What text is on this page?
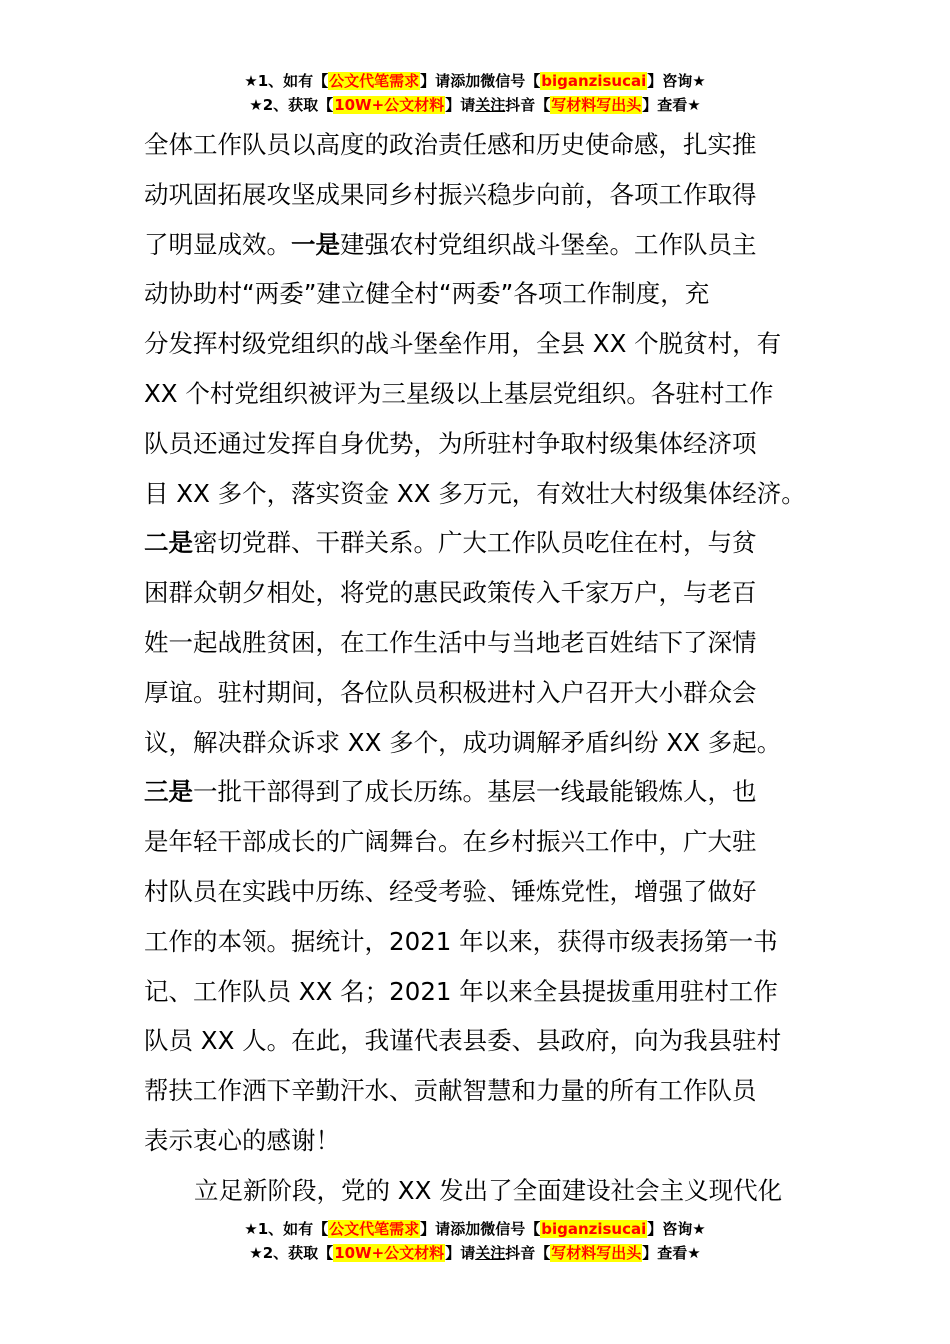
★1、如有【公文代笔需求】请添加微信号【biganzisucai】咨询★
★2、获取【10W+公文材料】请关注抖音【写材料写出头】查看★
全体工作队员以高度的政治责任感和历史使命感，扎实推
动巩固拓展攻坚成果同乡村振兴稳步向前，各项工作取得
了明显成效。一是建强农村党组织战斗堡垒。工作队员主
动协助村“两委”建立健全村“两委”各项工作制度，充
分发挥村级党组织的战斗堡垒作用，全县 XX 个脱贫村，有
XX 个村党组织被评为三星级以上基层党组织。各驻村工作
队员还通过发挥自身优势，为所驻村争取村级集体经济项
目 XX 多个，落实资金 XX 多万元，有效壮大村级集体经济。
二是密切党群、干群关系。广大工作队员吃住在村，与贫
困群众朝夕相处，将党的惠民政策传入千家万户，与老百
姓一起战胜贫困，在工作生活中与当地老百姓结下了深情
厚谊。驻村期间，各位队员积极进村入户召开大小群众会
议，解决群众诉求 XX 多个，成功调解矛盾纠纷 XX 多起。
三是一批干部得到了成长历练。基层一线最能锻炼人，也
是年轻干部成长的广阔舞台。在乡村振兴工作中，广大驻
村队员在实践中历练、经受考验、锤炼党性，增强了做好
工作的本领。据统计，2021 年以来，获得市级表扬第一书
记、工作队员 XX 名；2021 年以来全县提拔重用驻村工作
队员 XX 人。在此，我谨代表县委、县政府，向为我县驻村
帮扶工作洒下辛勤汗水、贡献智慧和力量的所有工作队员
表示衷心的感谢！
立足新阶段，党的 XX 发出了全面建设社会主义现代化
★1、如有【公文代笔需求】请添加微信号【biganzisucai】咨询★
★2、获取【10W+公文材料】请关注抖音【写材料写出头】查看★
